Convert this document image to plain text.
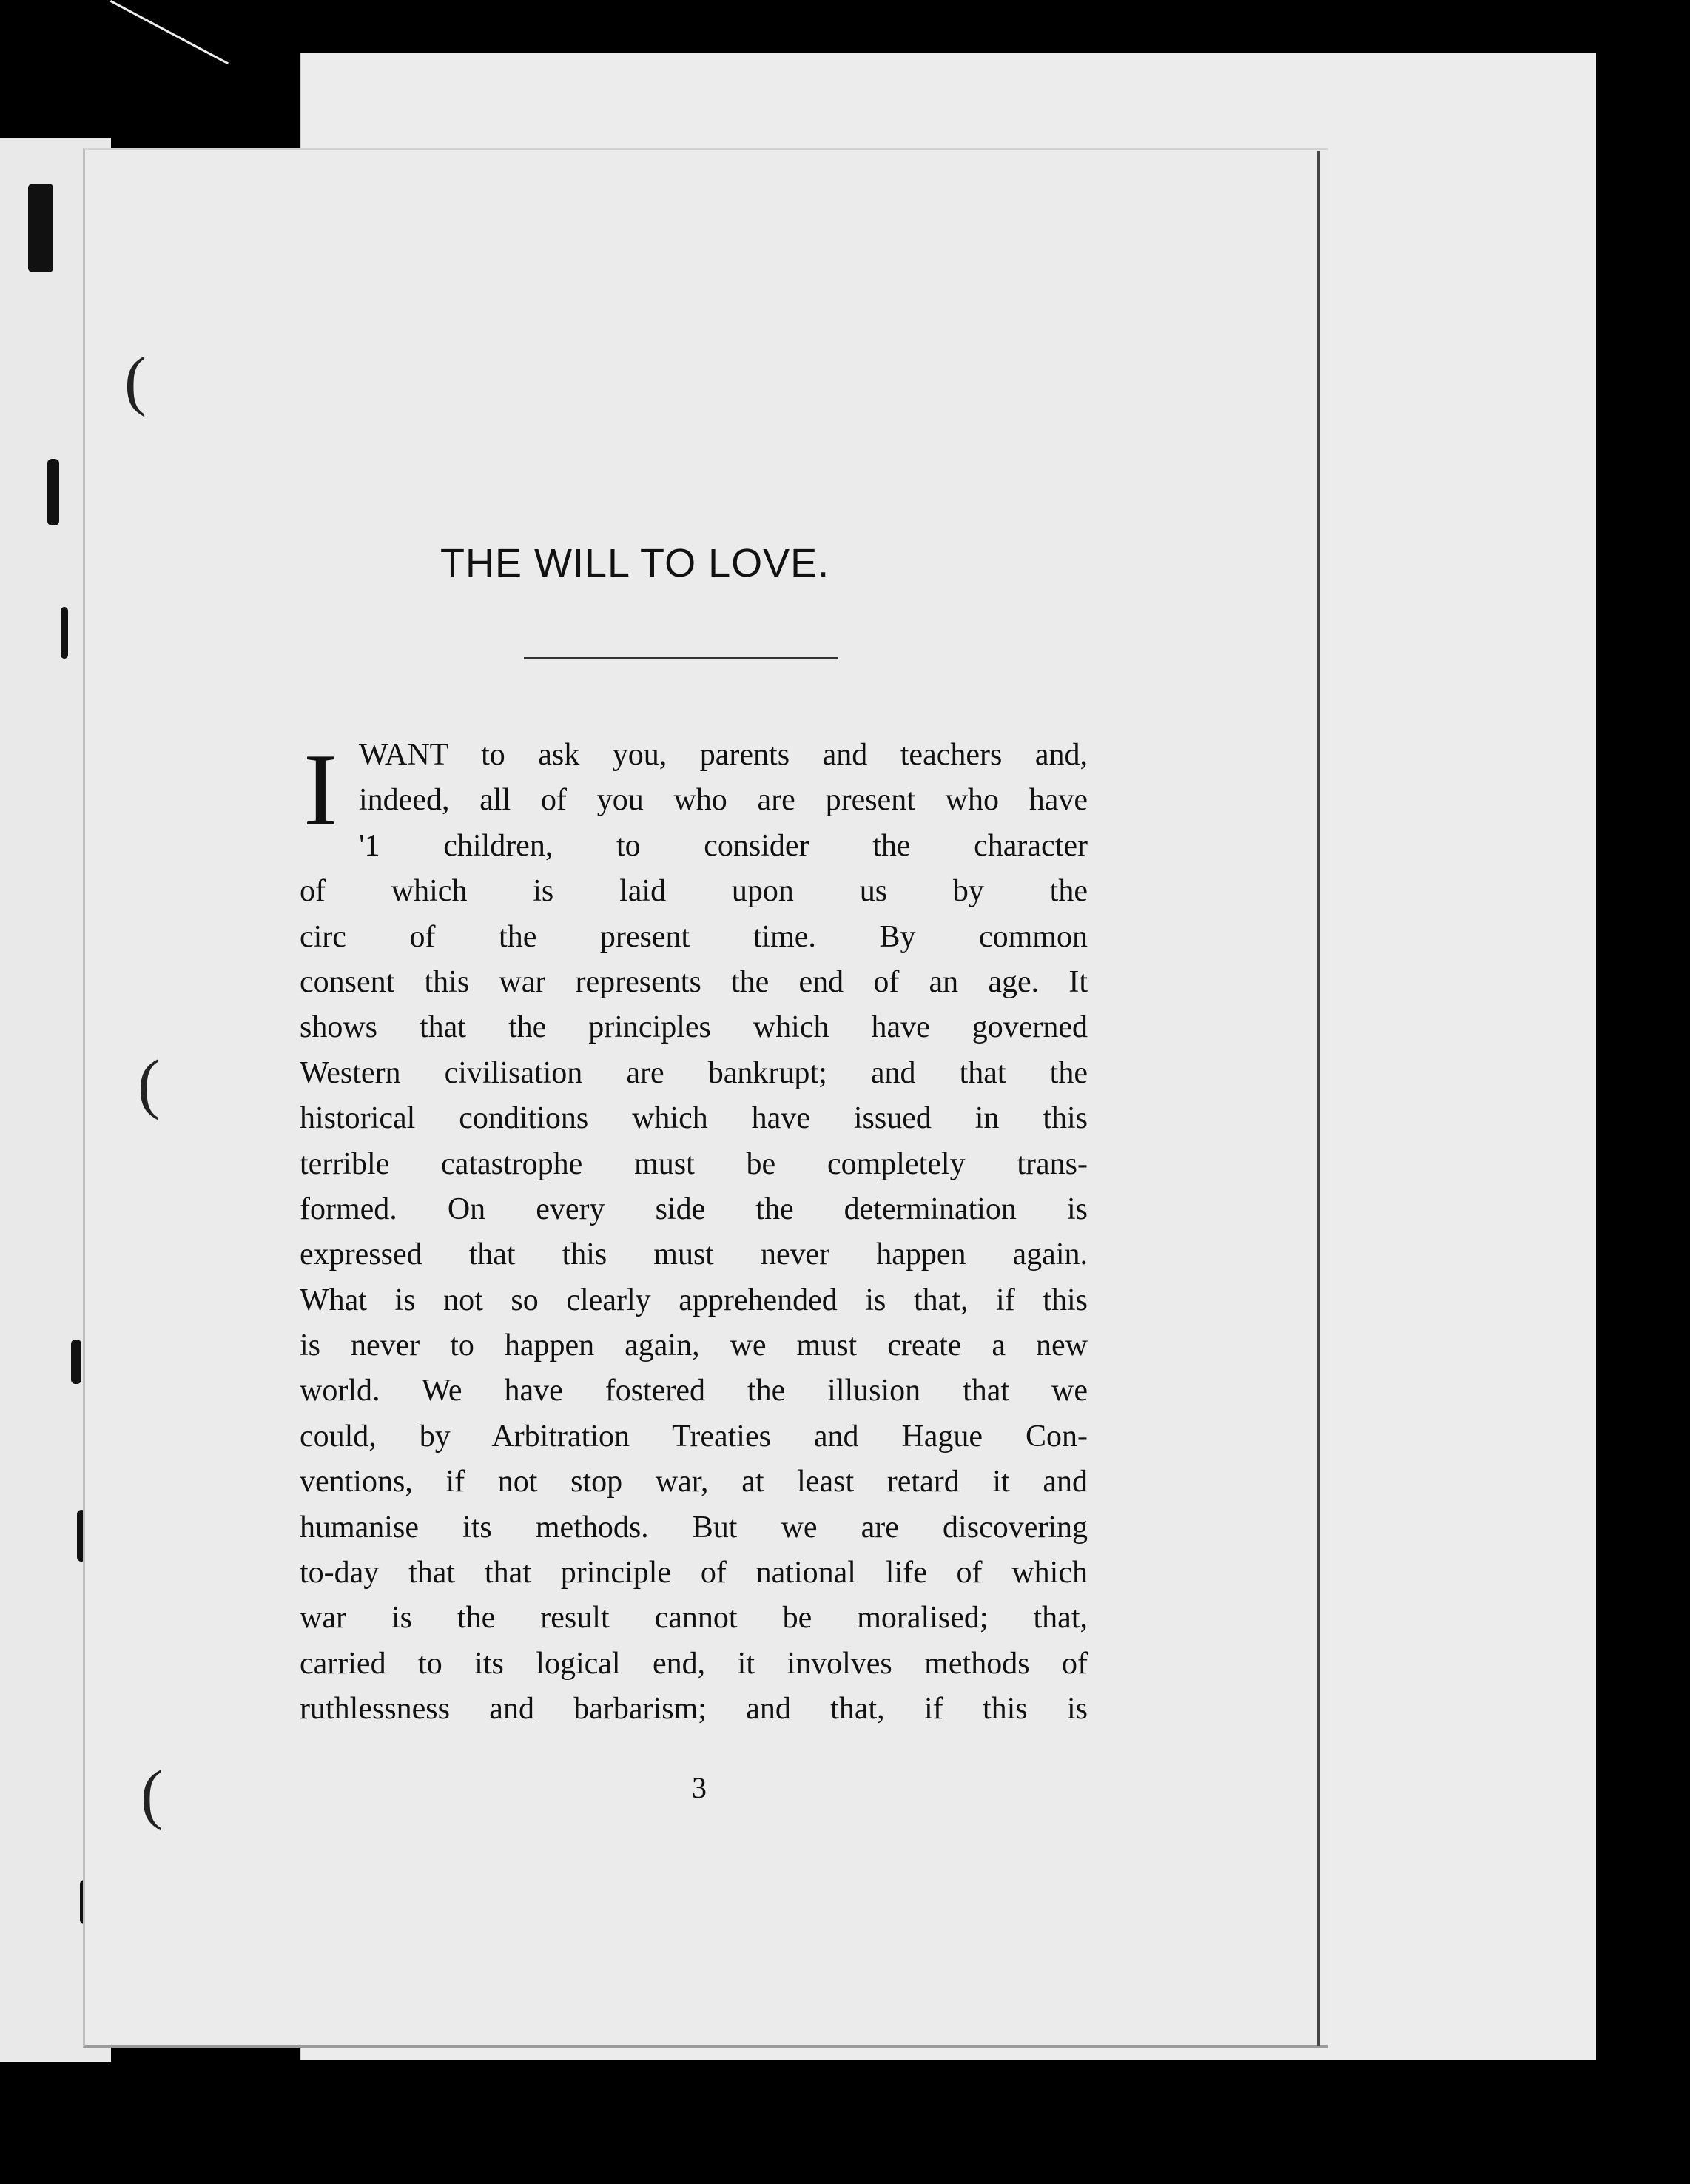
(
(
(
THE WILL TO LOVE.
I WANT to ask you, parents and teachers and,
indeed, all of you who are present who have
'1 children, to consider the character
of which is laid upon us by the
circ of the present time. By common
consent this war represents the end of an age. It
shows that the principles which have governed
Western civilisation are bankrupt; and that the
historical conditions which have issued in this
terrible catastrophe must be completely trans-
formed. On every side the determination is
expressed that this must never happen again.
What is not so clearly apprehended is that, if this
is never to happen again, we must create a new
world. We have fostered the illusion that we
could, by Arbitration Treaties and Hague Con-
ventions, if not stop war, at least retard it and
humanise its methods. But we are discovering
to-day that that principle of national life of which
war is the result cannot be moralised; that,
carried to its logical end, it involves methods of
ruthlessness and barbarism; and that, if this is
3
